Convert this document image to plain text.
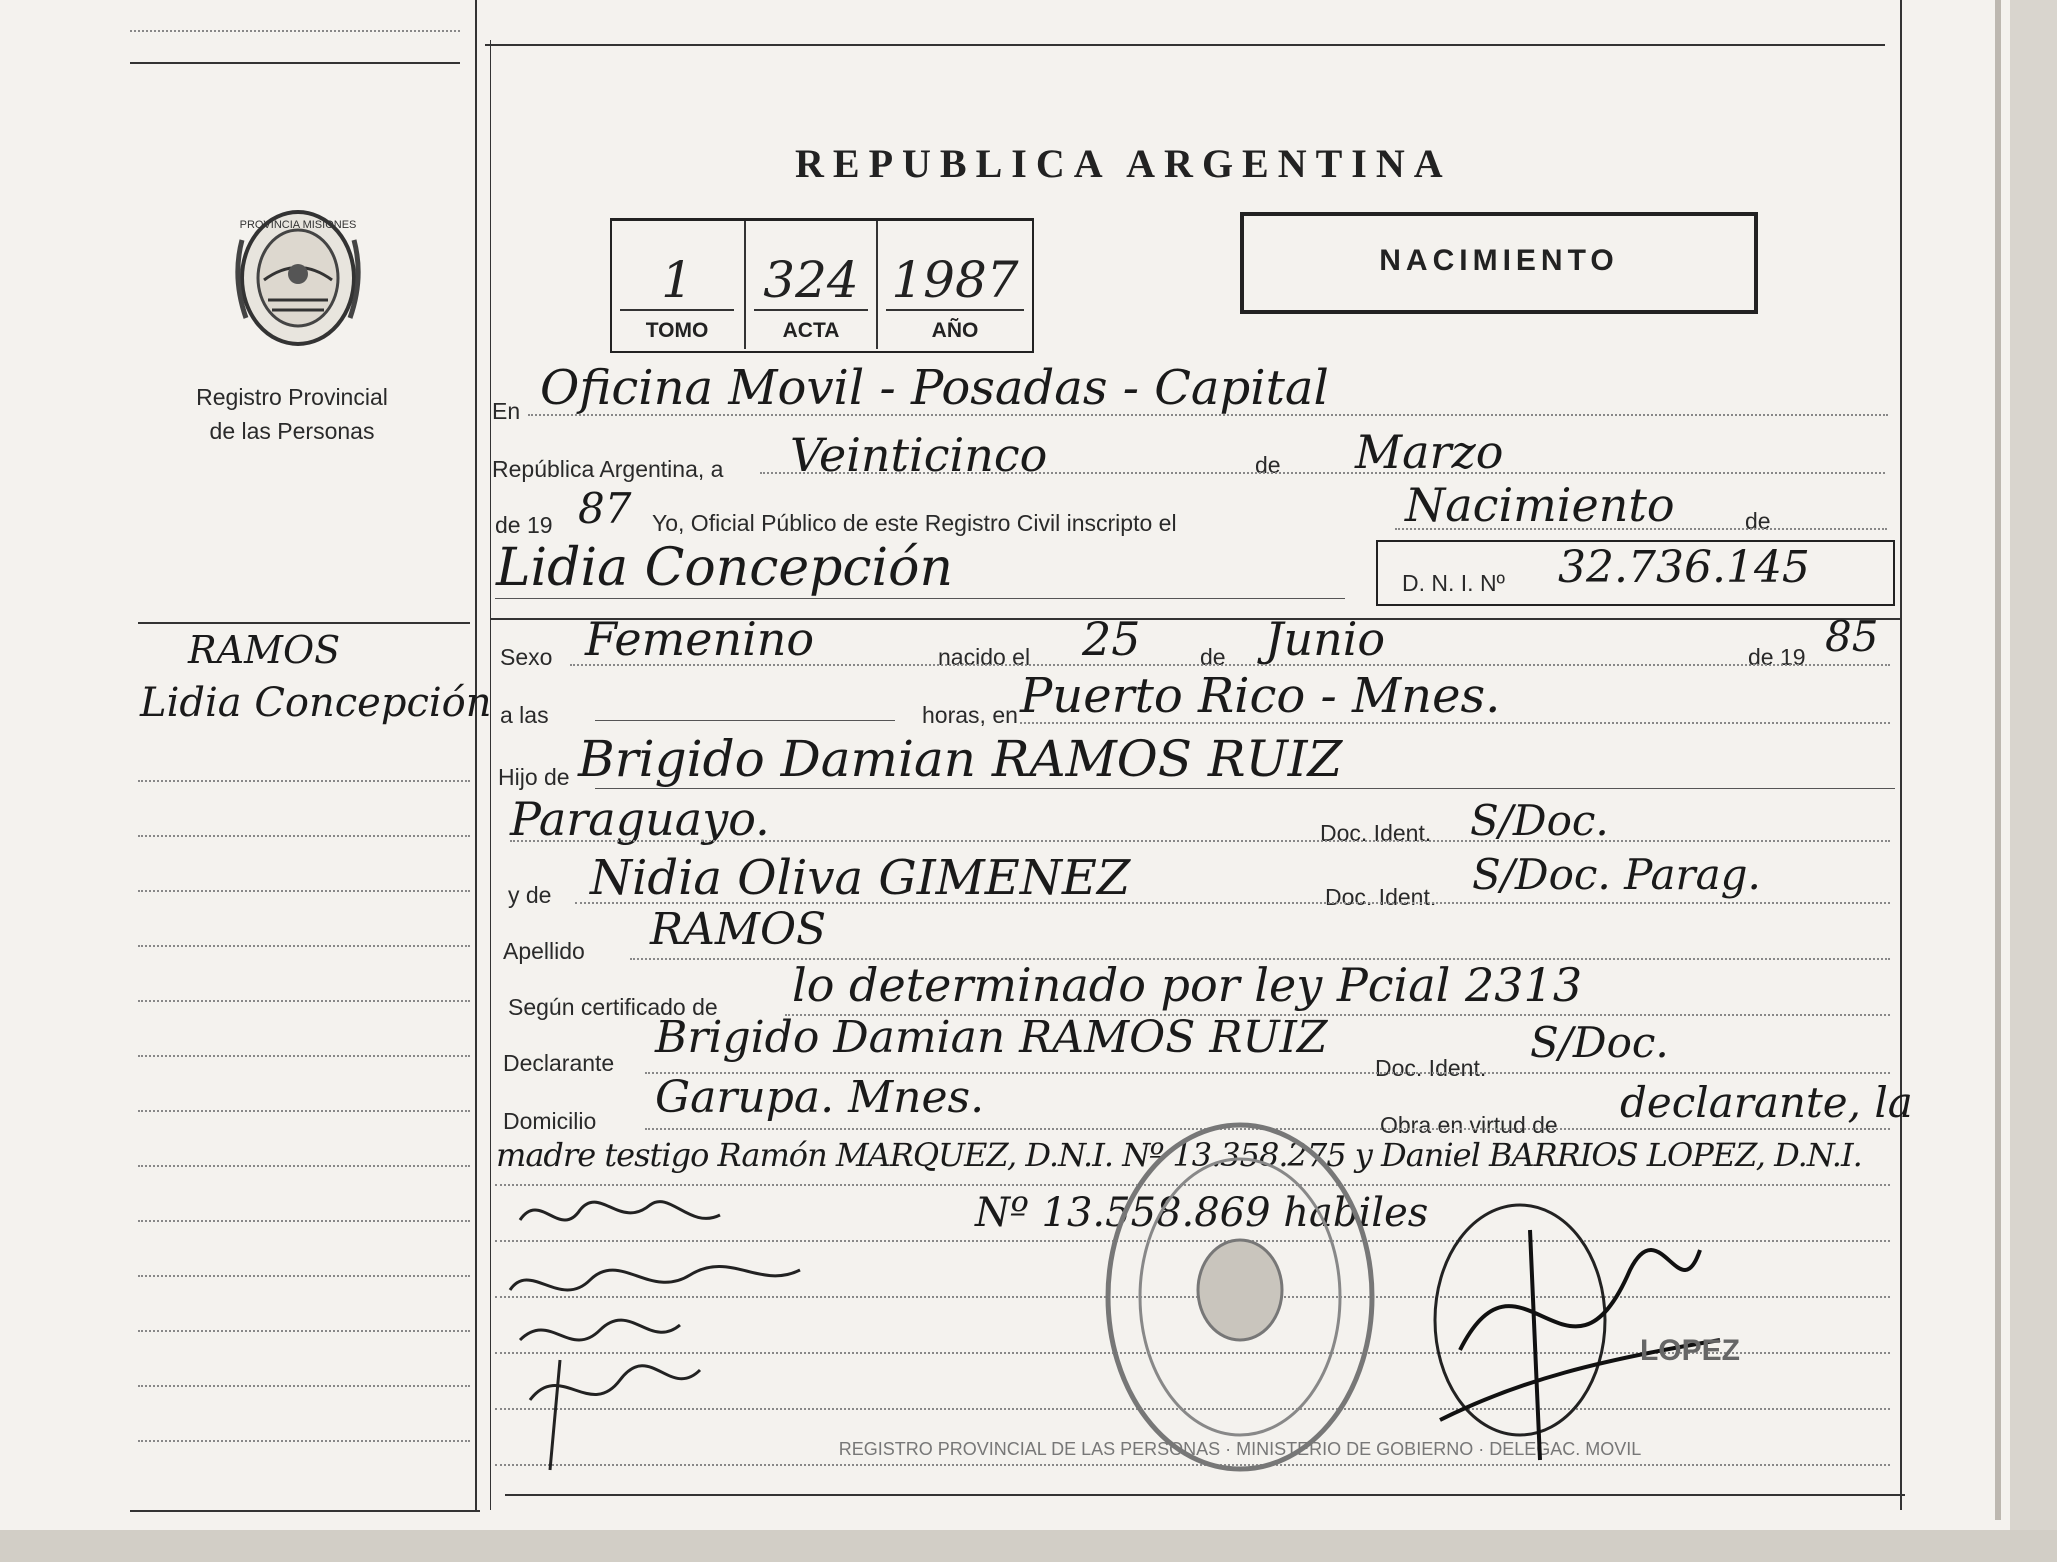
PROVINCIA MISIONES
Registro Provincial
de las Personas
RAMOS
Lidia Concepción
REPUBLICA ARGENTINA
1
TOMO
324
ACTA
1987
AÑO
NACIMIENTO
En Oficina Movil - Posadas - Capital
República Argentina, a Veinticinco	de Marzo
de 19 87 Yo, Oficial Público de este Registro Civil inscripto el	Nacimiento	de
Lidia Concepción	D. N. I. Nº 32.736.145
Sexo Femenino	nacido el 25	de Junio	de 19 85
a las	horas, en Puerto Rico - Mnes.
Hijo de Brigido Damian RAMOS RUIZ
Paraguayo.	Doc. Ident. S/Doc.
y de Nidia Oliva GIMENEZ	Doc. Ident. S/Doc. Parag.
Apellido RAMOS
Según certificado de lo determinado por ley Pcial 2313
Declarante Brigido Damian RAMOS RUIZ
Doc. Ident.
S/Doc.
Domicilio Garupa. Mnes.
Obra en virtud de declarante, la
madre testigo Ramón MARQUEZ, D.N.I. Nº 13.358.275 y Daniel BARRIOS LOPEZ, D.N.I.
Nº 13.558.869 habiles
REGISTRO PROVINCIAL DE LAS PERSONAS · MINISTERIO DE GOBIERNO · DELEGAC. MOVIL
LOPEZ
